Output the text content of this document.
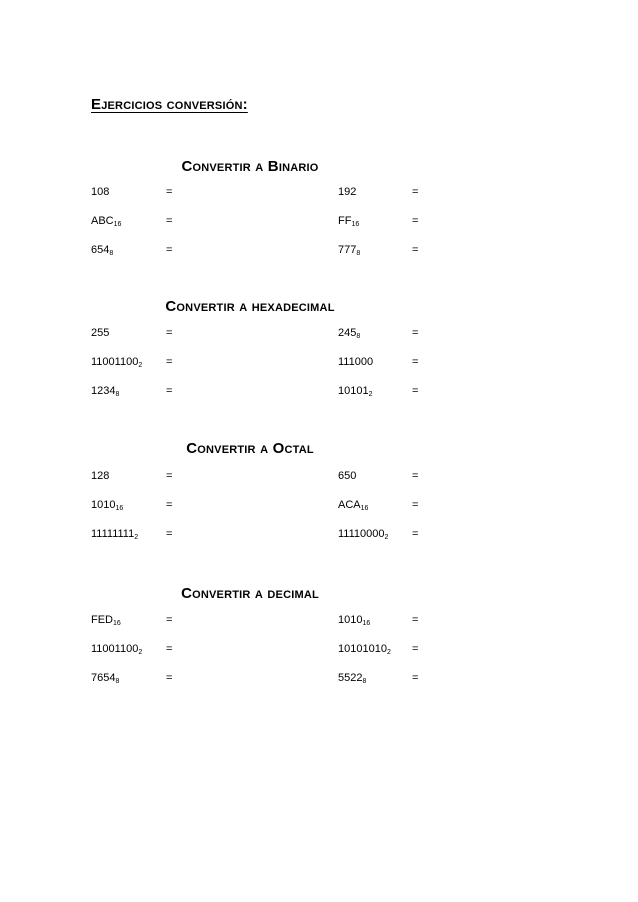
Ejercicios conversión:
Convertir a Binario
108	=	192	=
$ABC_{16}$	=	$FF_{16}$	=
$654_8$	=	$777_8$	=
Convertir a hexadecimal
255	=	$245_8$	=
$11001100_2$ =	111000	=
$1234_8$	=	$10101_2$	=
Convertir a Octal
128	=	650	=
$1010_{16}$	=	$ACA_{16}$	=
$11111111_2$	=	$11110000_2$ =
Convertir a decimal
$FED_{16}$	=	$1010_{16}$	=
$11001100_2$ =	$10101010_2$ =
$7654_8$	=	$5522_8$	=
